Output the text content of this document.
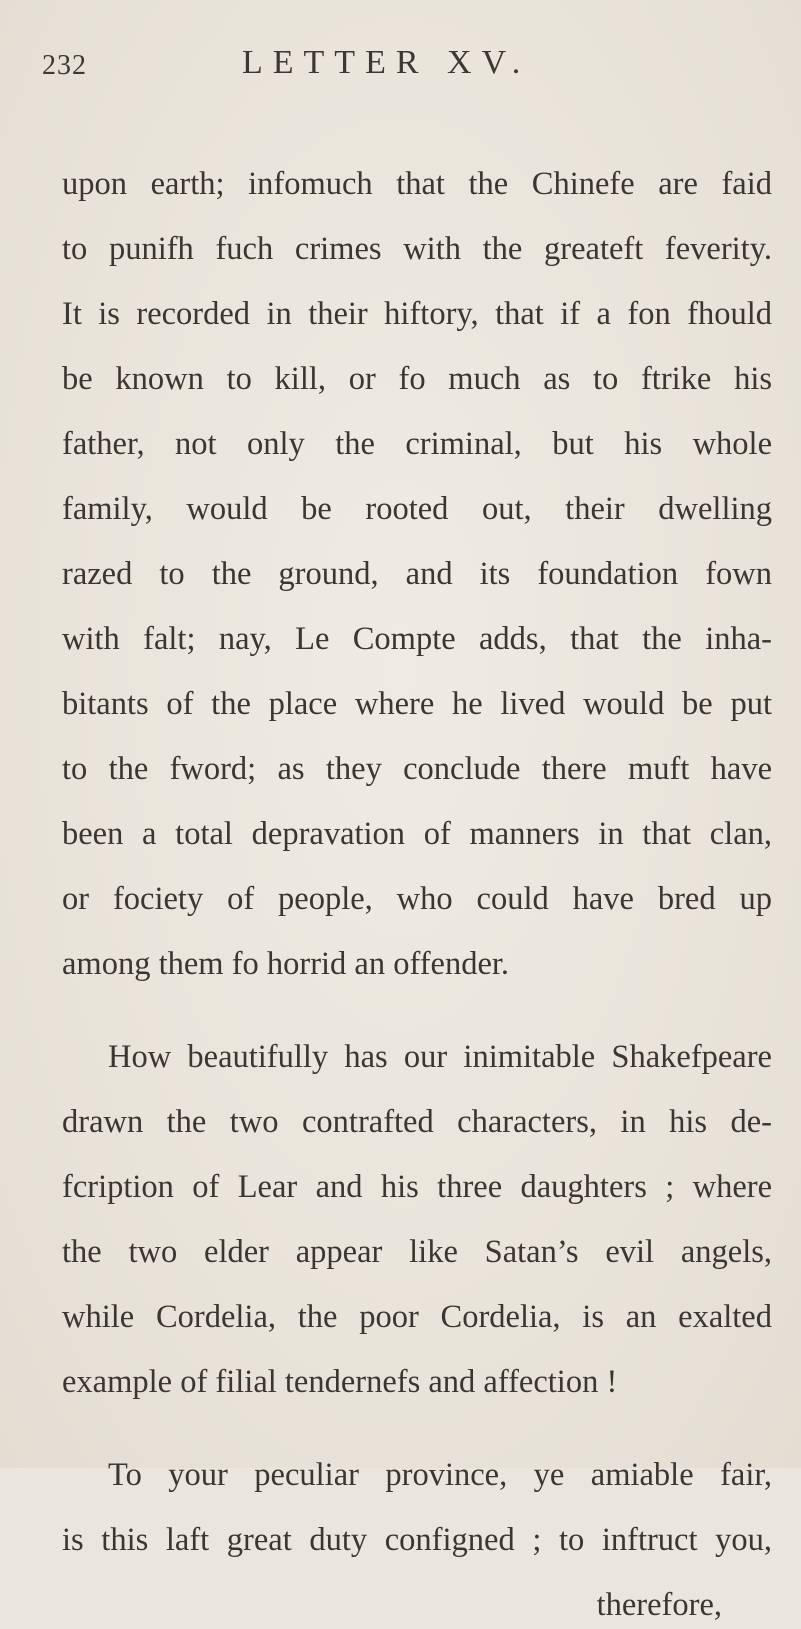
232	LETTER XV.
upon earth; infomuch that the Chinefe are faid
to punifh fuch crimes with the greateft feverity.
It is recorded in their hiftory, that if a fon fhould
be known to kill, or fo much as to ftrike his
father, not only the criminal, but his whole
family, would be rooted out, their dwelling
razed to the ground, and its foundation fown
with falt; nay, Le Compte adds, that the inha-
bitants of the place where he lived would be put
to the fword; as they conclude there muft have
been a total depravation of manners in that clan,
or fociety of people, who could have bred up
among them fo horrid an offender.
How beautifully has our inimitable Shakefpeare
drawn the two contrafted characters, in his de-
fcription of Lear and his three daughters ; where
the two elder appear like Satan’s evil angels,
while Cordelia, the poor Cordelia, is an exalted
example of filial tendernefs and affection !
To your peculiar province, ye amiable fair,
is this laft great duty configned ; to inftruct you,
therefore,
